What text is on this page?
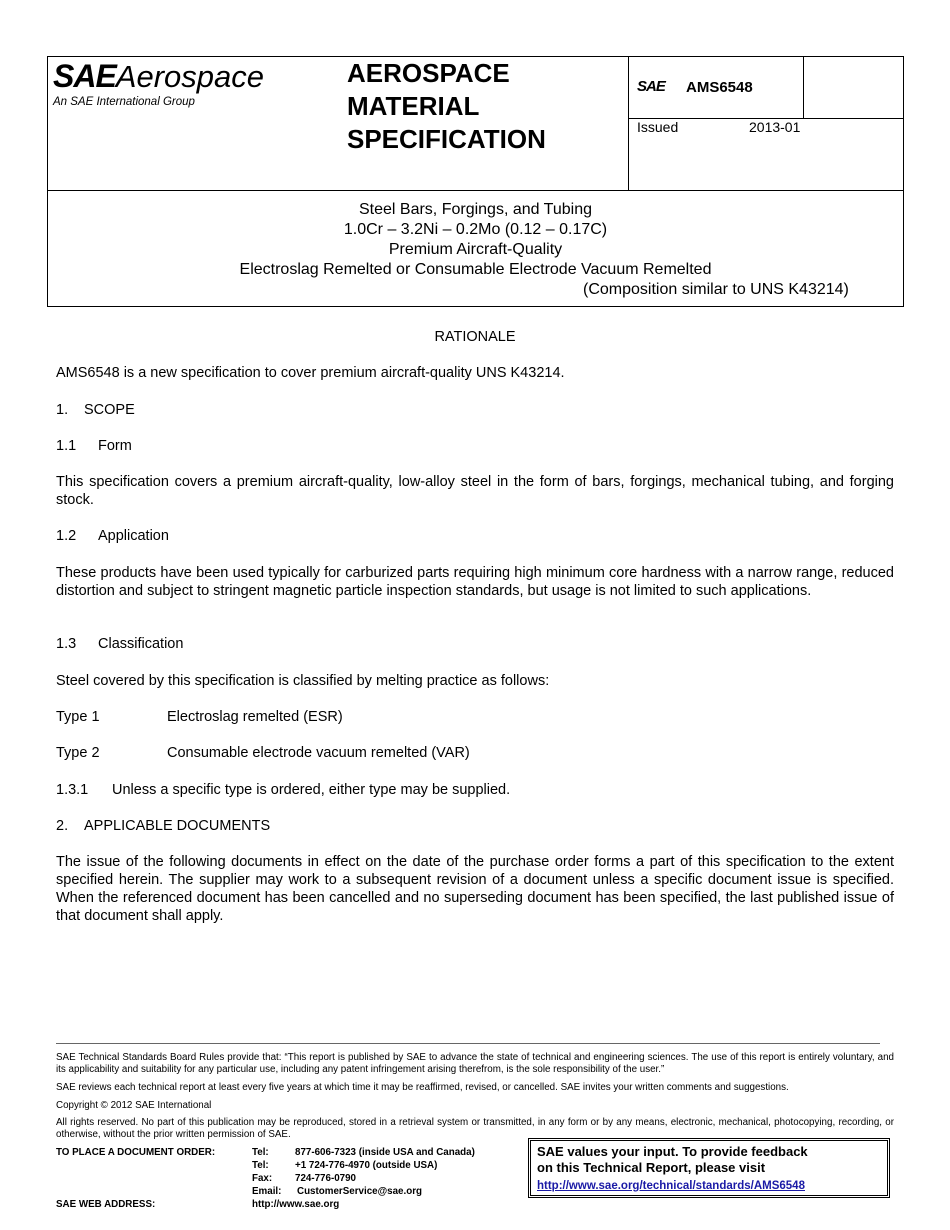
SAEAerospace
An SAE International Group
AEROSPACE
MATERIAL
SPECIFICATION
SAE AMS6548
Issued	2013-01
Steel Bars, Forgings, and Tubing
1.0Cr – 3.2Ni – 0.2Mo (0.12 – 0.17C)
Premium Aircraft-Quality
Electroslag Remelted or Consumable Electrode Vacuum Remelted
(Composition similar to UNS K43214)
RATIONALE
AMS6548 is a new specification to cover premium aircraft-quality UNS K43214.
1. SCOPE
1.1 Form
This specification covers a premium aircraft-quality, low-alloy steel in the form of bars, forgings, mechanical tubing, and forging stock.
1.2 Application
These products have been used typically for carburized parts requiring high minimum core hardness with a narrow range, reduced distortion and subject to stringent magnetic particle inspection standards, but usage is not limited to such applications.
1.3 Classification
Steel covered by this specification is classified by melting practice as follows:
Type 1	Electroslag remelted (ESR)
Type 2	Consumable electrode vacuum remelted (VAR)
1.3.1 Unless a specific type is ordered, either type may be supplied.
2. APPLICABLE DOCUMENTS
The issue of the following documents in effect on the date of the purchase order forms a part of this specification to the extent specified herein. The supplier may work to a subsequent revision of a document unless a specific document issue is specified. When the referenced document has been cancelled and no superseding document has been specified, the last published issue of that document shall apply.
SAE Technical Standards Board Rules provide that: “This report is published by SAE to advance the state of technical and engineering sciences. The use of this report is entirely voluntary, and its applicability and suitability for any particular use, including any patent infringement arising therefrom, is the sole responsibility of the user.”
SAE reviews each technical report at least every five years at which time it may be reaffirmed, revised, or cancelled. SAE invites your written comments and suggestions.
Copyright © 2012 SAE International
All rights reserved. No part of this publication may be reproduced, stored in a retrieval system or transmitted, in any form or by any means, electronic, mechanical, photocopying, recording, or otherwise, without the prior written permission of SAE.
TO PLACE A DOCUMENT ORDER:	Tel:	877-606-7323 (inside USA and Canada)
Tel:	+1 724-776-4970 (outside USA)
Fax: 724-776-0790
Email: CustomerService@sae.org
SAE WEB ADDRESS:	http://www.sae.org
SAE values your input. To provide feedback
on this Technical Report, please visit
http://www.sae.org/technical/standards/AMS6548
